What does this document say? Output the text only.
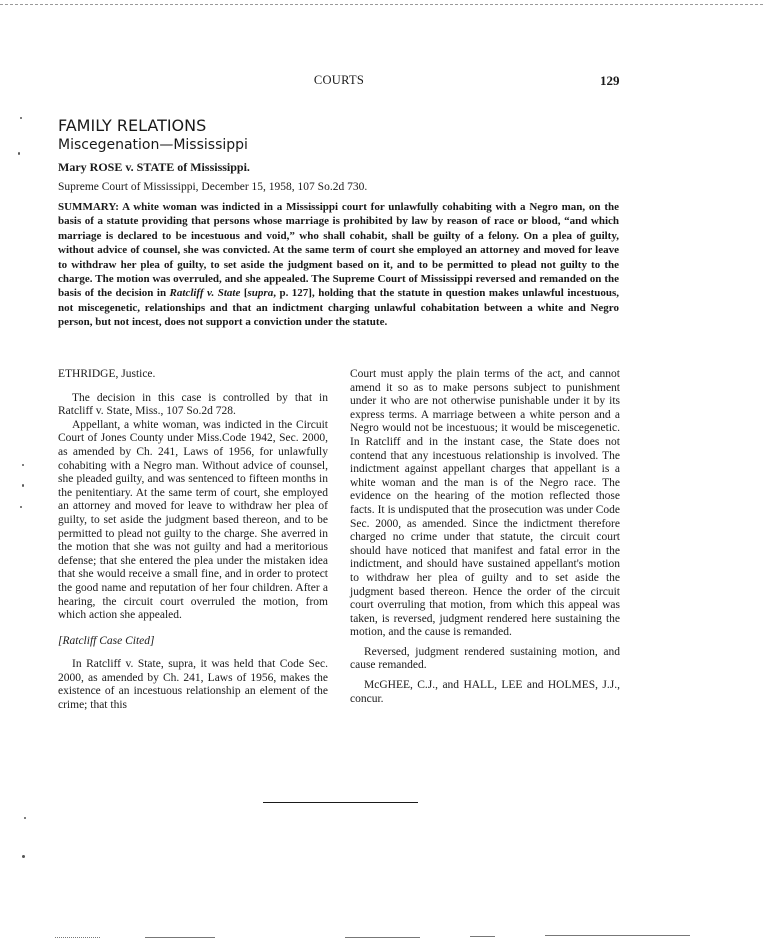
COURTS	129
FAMILY RELATIONS
Miscegenation—Mississippi
Mary ROSE v. STATE of Mississippi.
Supreme Court of Mississippi, December 15, 1958, 107 So.2d 730.

SUMMARY: A white woman was indicted in a Mississippi court for unlawfully cohabiting with a Negro man, on the basis of a statute providing that persons whose marriage is prohibited by law by reason of race or blood, “and which marriage is declared to be incestuous and void,” who shall cohabit, shall be guilty of a felony. On a plea of guilty, without advice of counsel, she was convicted. At the same term of court she employed an attorney and moved for leave to withdraw her plea of guilty, to set aside the judgment based on it, and to be permitted to plead not guilty to the charge. The motion was overruled, and she appealed. The Supreme Court of Mississippi reversed and remanded on the basis of the decision in Ratcliff v. State [supra, p. 127], holding that the statute in question makes unlawful incestuous, not miscegenetic, relationships and that an indictment charging unlawful cohabitation between a white and Negro person, but not incest, does not support a conviction under the statute.

ETHRIDGE, Justice.

The decision in this case is controlled by that in Ratcliff v. State, Miss., 107 So.2d 728.

Appellant, a white woman, was indicted in the Circuit Court of Jones County under Miss.Code 1942, Sec. 2000, as amended by Ch. 241, Laws of 1956, for unlawfully cohabiting with a Negro man. Without advice of counsel, she pleaded guilty, and was sentenced to fifteen months in the penitentiary. At the same term of court, she employed an attorney and moved for leave to withdraw her plea of guilty, to set aside the judgment based thereon, and to be permitted to plead not guilty to the charge. She averred in the motion that she was not guilty and had a meritorious defense; that she entered the plea under the mistaken idea that she would receive a small fine, and in order to protect the good name and reputation of her four children. After a hearing, the circuit court overruled the motion, from which action she appealed.

[Ratcliff Case Cited]

In Ratcliff v. State, supra, it was held that Code Sec. 2000, as amended by Ch. 241, Laws of 1956, makes the existence of an incestuous relationship an element of the crime; that this

Court must apply the plain terms of the act, and cannot amend it so as to make persons subject to punishment under it who are not otherwise punishable under it by its express terms. A marriage between a white person and a Negro would not be incestuous; it would be miscegenetic. In Ratcliff and in the instant case, the State does not contend that any incestuous relationship is involved. The indictment against appellant charges that appellant is a white woman and the man is of the Negro race. The evidence on the hearing of the motion reflected those facts. It is undisputed that the prosecution was under Code Sec. 2000, as amended. Since the indictment therefore charged no crime under that statute, the circuit court should have noticed that manifest and fatal error in the indictment, and should have sustained appellant's motion to withdraw her plea of guilty and to set aside the judgment based thereon. Hence the order of the circuit court overruling that motion, from which this appeal was taken, is reversed, judgment rendered here sustaining the motion, and the cause is remanded.

Reversed, judgment rendered sustaining motion, and cause remanded.

McGHEE, C.J., and HALL, LEE and HOLMES, J.J., concur.
